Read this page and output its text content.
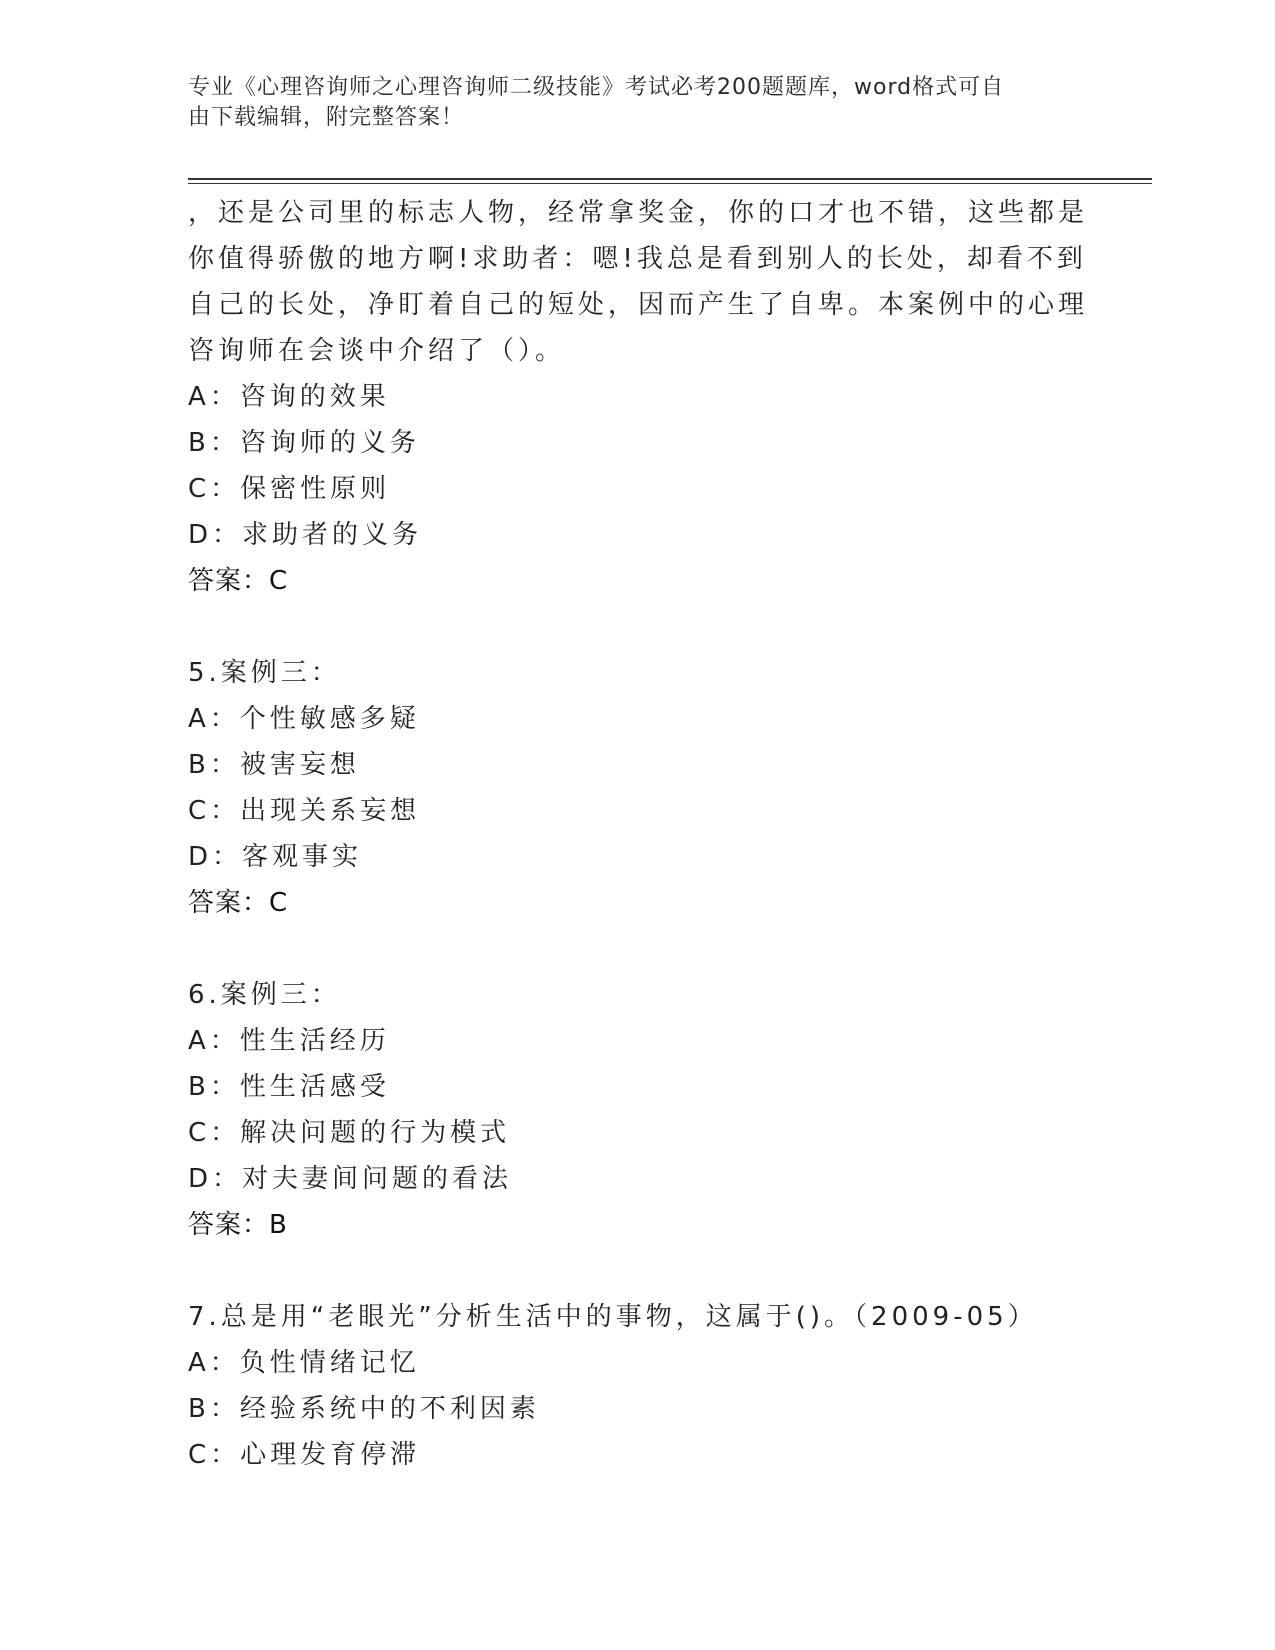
专业《心理咨询师之心理咨询师二级技能》考试必考200题题库，word格式可自
由下载编辑，附完整答案！
，还是公司里的标志人物，经常拿奖金，你的口才也不错，这些都是
你值得骄傲的地方啊!求助者：嗯!我总是看到别人的长处，却看不到
自己的长处，净盯着自己的短处，因而产生了自卑。本案例中的心理
咨询师在会谈中介绍了（）。
A：咨询的效果
B：咨询师的义务
C：保密性原则
D：求助者的义务
答案：C
5.案例三：
A：个性敏感多疑
B：被害妄想
C：出现关系妄想
D：客观事实
答案：C
6.案例三：
A：性生活经历
B：性生活感受
C：解决问题的行为模式
D：对夫妻间问题的看法
答案：B
7.总是用“老眼光”分析生活中的事物，这属于()。（2009-05）
A：负性情绪记忆
B：经验系统中的不利因素
C：心理发育停滞
